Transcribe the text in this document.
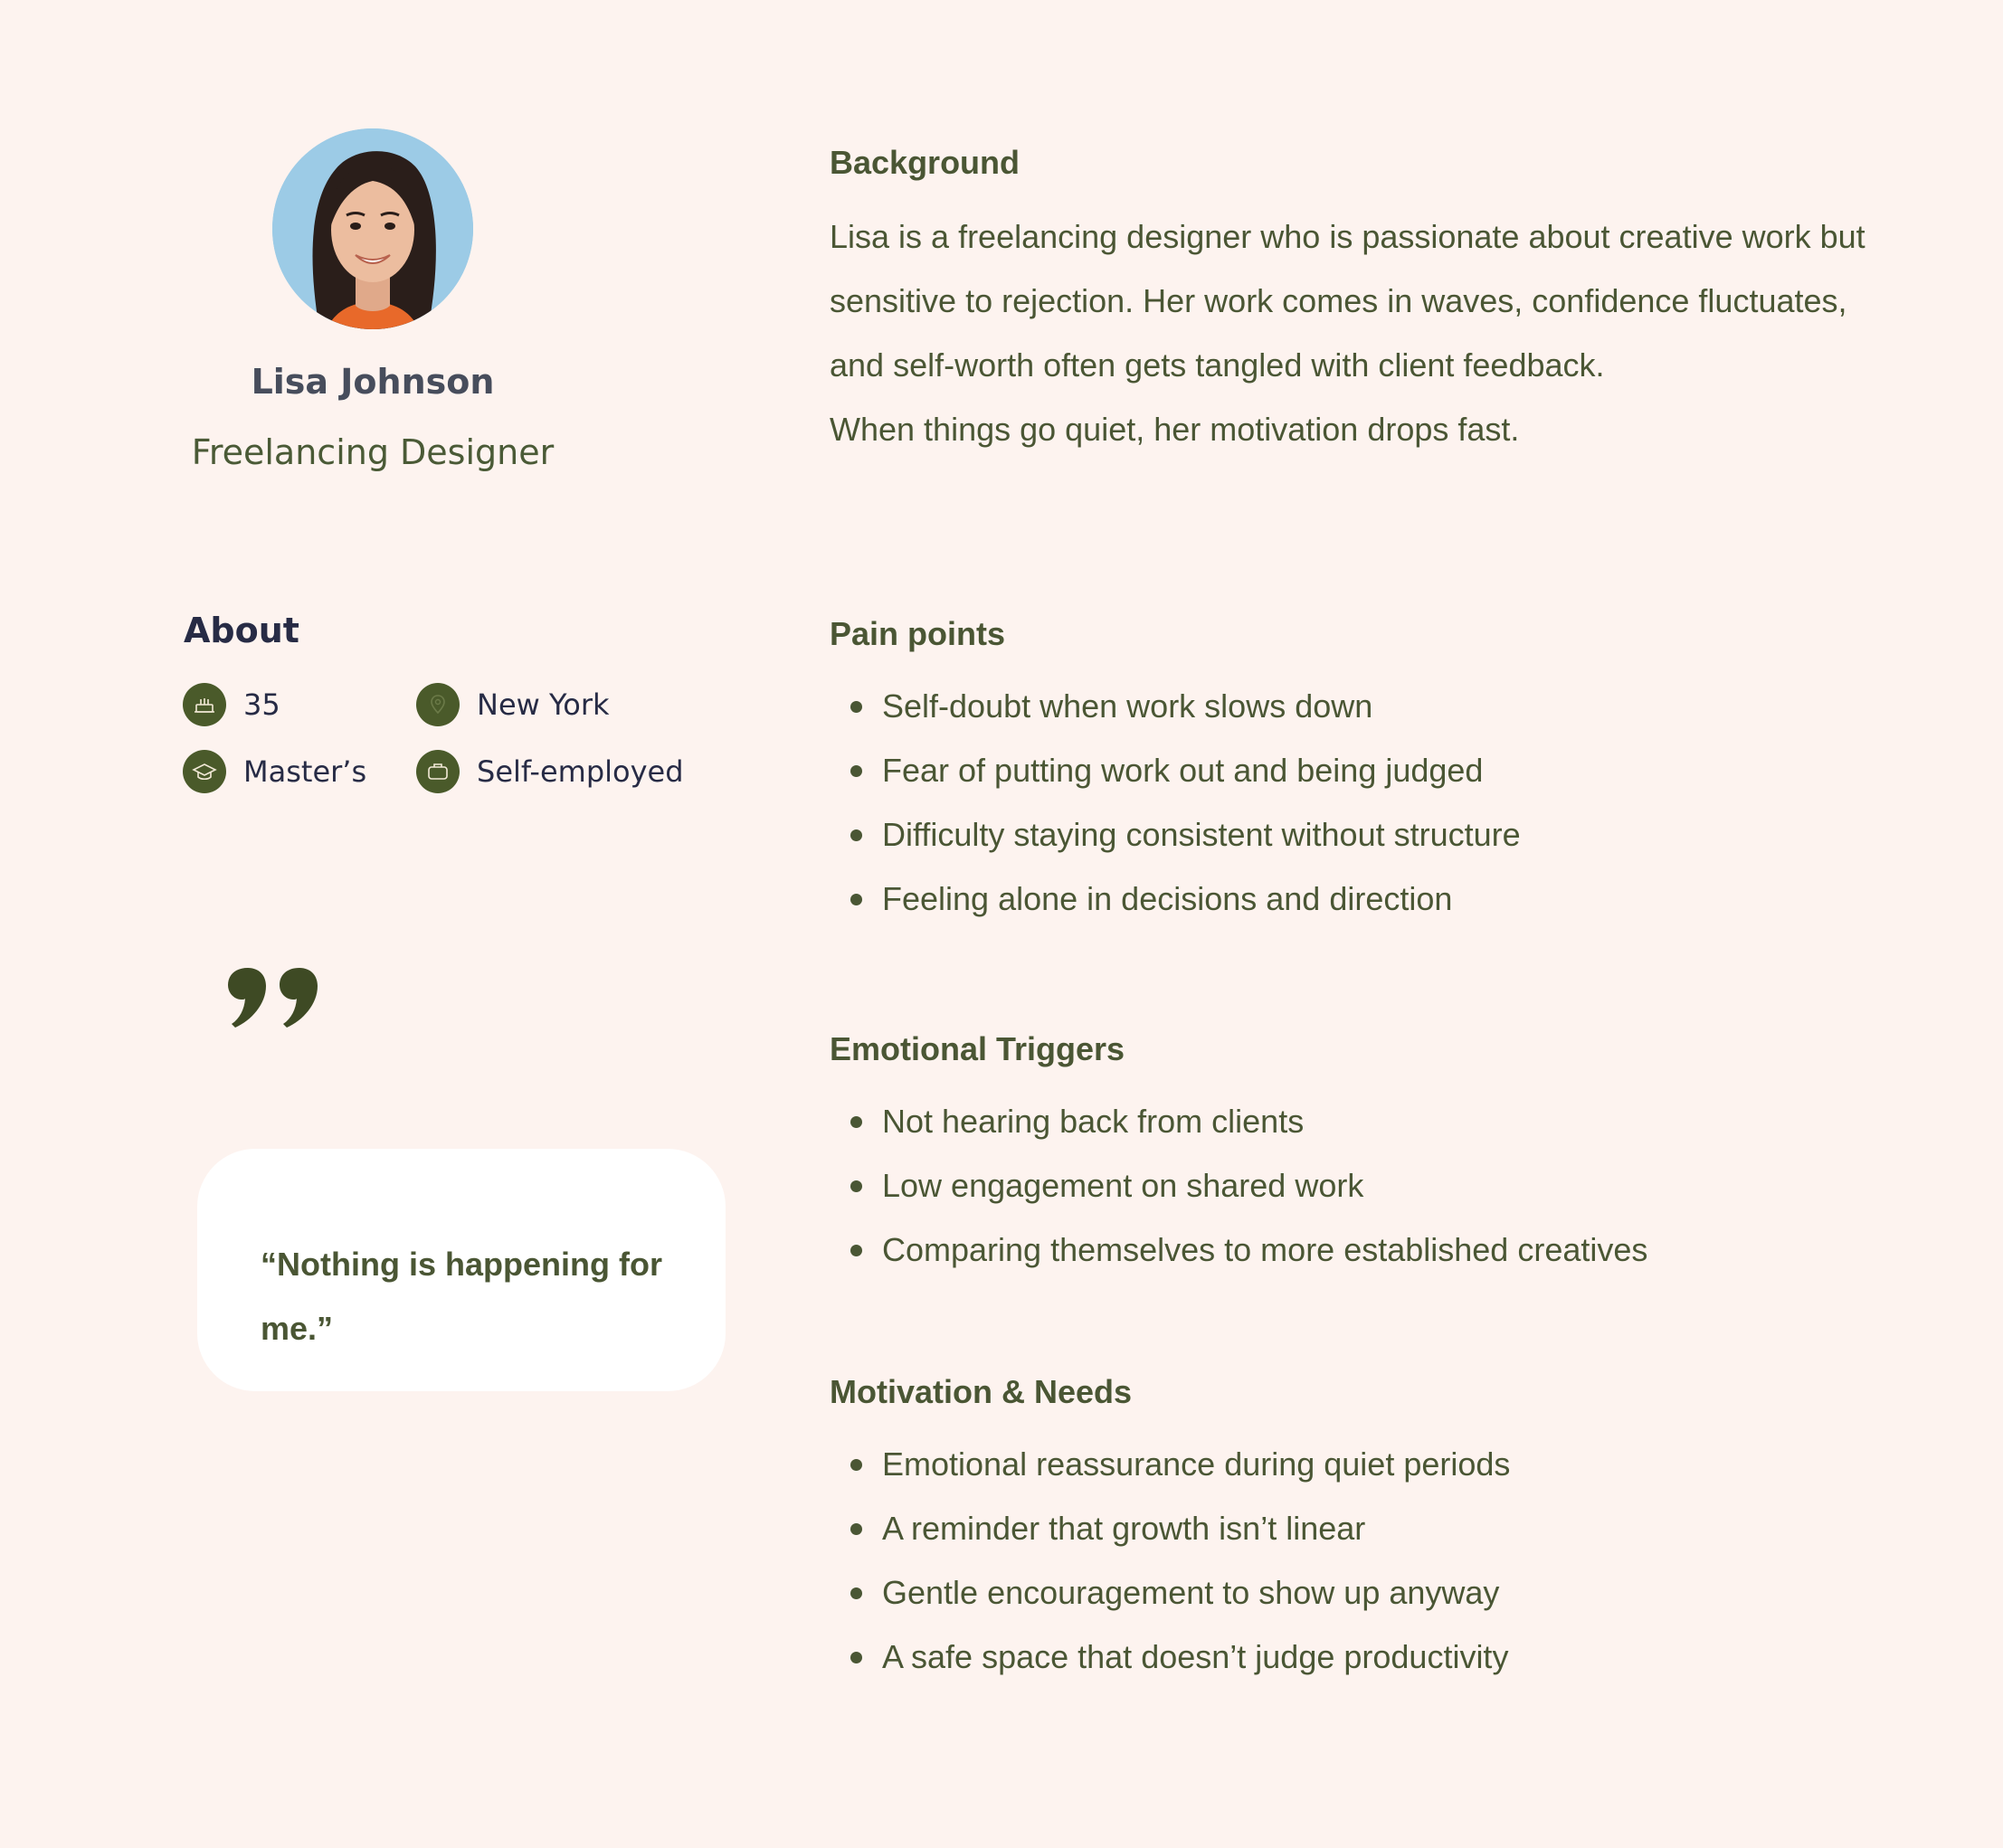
Lisa Johnson
Freelancing Designer
About
35	New York
Master’s	Self-employed
“Nothing is happening for me.”
Background

Lisa is a freelancing designer who is passionate about creative work but sensitive to rejection. Her work comes in waves, confidence fluctuates, and self-worth often gets tangled with client feedback.

When things go quiet, her motivation drops fast.

Pain points
Self-doubt when work slows down
Fear of putting work out and being judged
Difficulty staying consistent without structure
Feeling alone in decisions and direction
Emotional Triggers
Not hearing back from clients
Low engagement on shared work
Comparing themselves to more established creatives
Motivation & Needs
Emotional reassurance during quiet periods
A reminder that growth isn’t linear
Gentle encouragement to show up anyway
A safe space that doesn’t judge productivity
